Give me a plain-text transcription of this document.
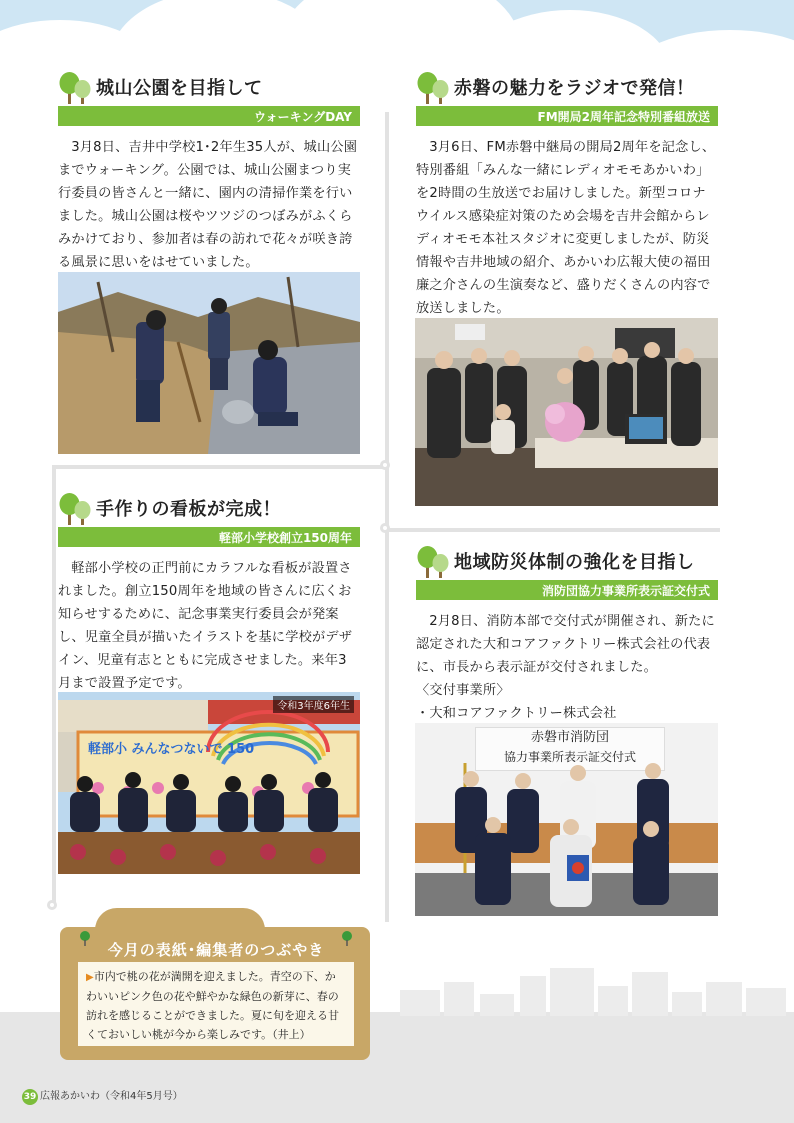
城山公園を目指して
ウォーキングDAY

3月8日、吉井中学校1･2年生35人が、城山公園までウォーキング。公園では、城山公園まつり実行委員の皆さんと一緒に、園内の清掃作業を行いました。城山公園は桜やツツジのつぼみがふくらみかけており、参加者は春の訪れで花々が咲き誇る風景に思いをはせていました。

赤磐の魅力をラジオで発信！
FM開局2周年記念特別番組放送

3月6日、FM赤磐中継局の開局2周年を記念し、特別番組「みんな一緒にレディオモモあかいわ」を2時間の生放送でお届けしました。新型コロナウイルス感染症対策のため会場を吉井会館からレディオモモ本社スタジオに変更しましたが、防災情報や吉井地域の紹介、あかいわ広報大使の福田廉之介さんの生演奏など、盛りだくさんの内容で放送しました。

手作りの看板が完成！
軽部小学校創立150周年

軽部小学校の正門前にカラフルな看板が設置されました。創立150周年を地域の皆さんに広くお知らせするために、記念事業実行委員会が発案し、児童全員が描いたイラストを基に学校がデザイン、児童有志とともに完成させました。来年3月まで設置予定です。

軽部小 みんなつないで 150
令和3年度6年生
地域防災体制の強化を目指し
消防団協力事業所表示証交付式

2月8日、消防本部で交付式が開催され、新たに認定された大和コアファクトリー株式会社の代表に、市長から表示証が交付されました。

〈交付事業所〉

・大和コアファクトリー株式会社

赤磐市消防団
協力事業所表示証交付式
今月の表紙･編集者のつぶやき
▶市内で桃の花が満開を迎えました。青空の下、かわいいピンク色の花や鮮やかな緑色の新芽に、春の訪れを感じることができました。夏に旬を迎える甘くておいしい桃が今から楽しみです。（井上）
39 広報あかいわ（令和4年5月号）
